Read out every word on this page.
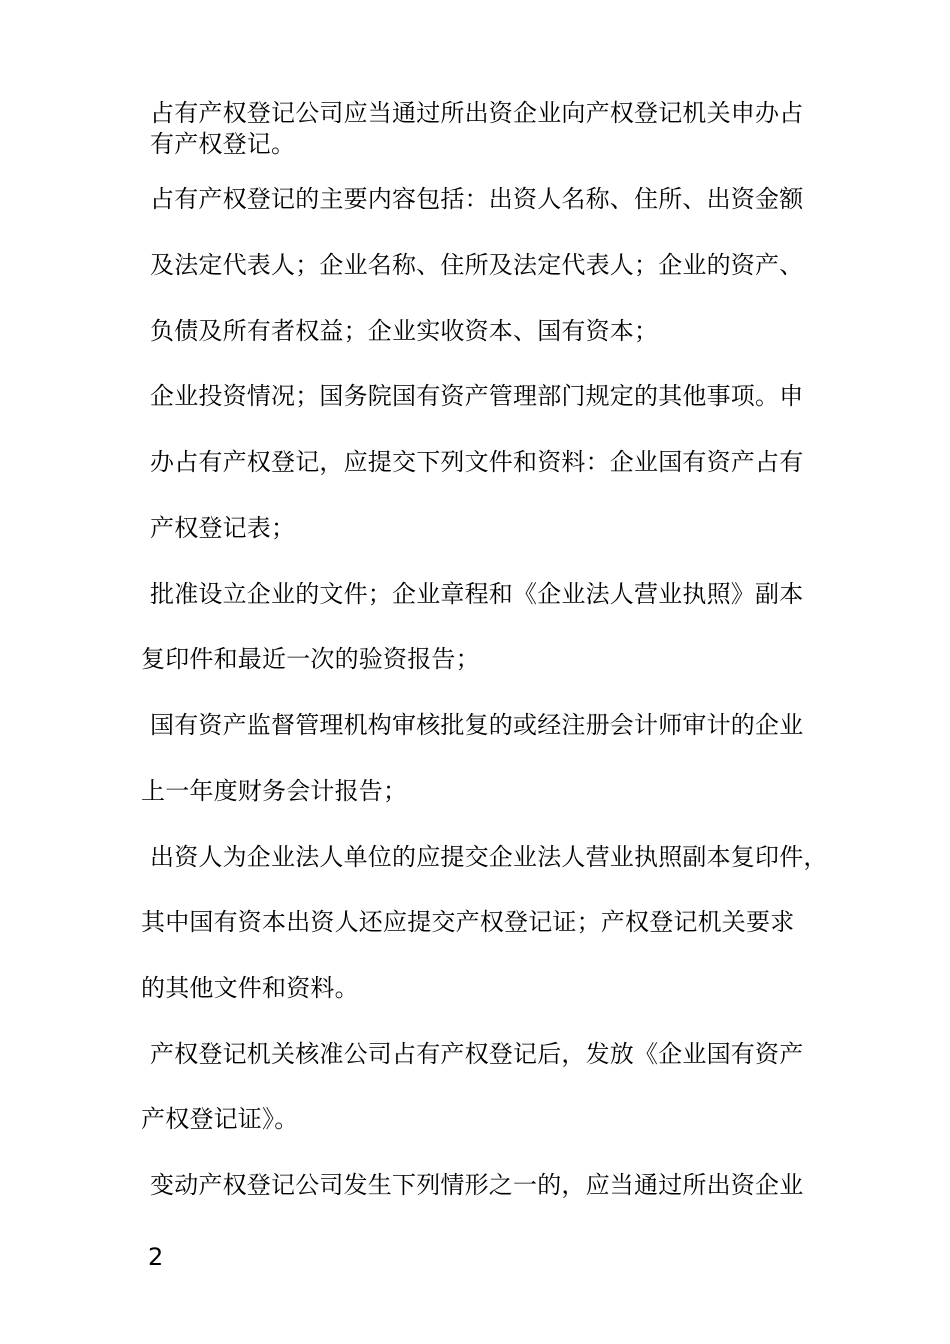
占有产权登记公司应当通过所出资企业向产权登记机关申办占
有产权登记。
占有产权登记的主要内容包括：出资人名称、住所、出资金额
及法定代表人；企业名称、住所及法定代表人；企业的资产、
负债及所有者权益；企业实收资本、国有资本；
企业投资情况；国务院国有资产管理部门规定的其他事项。申
办占有产权登记，应提交下列文件和资料：企业国有资产占有
产权登记表；
批准设立企业的文件；企业章程和《企业法人营业执照》副本
复印件和最近一次的验资报告；
国有资产监督管理机构审核批复的或经注册会计师审计的企业
上一年度财务会计报告；
出资人为企业法人单位的应提交企业法人营业执照副本复印件，
其中国有资本出资人还应提交产权登记证；产权登记机关要求
的其他文件和资料。
产权登记机关核准公司占有产权登记后，发放《企业国有资产
产权登记证》。
变动产权登记公司发生下列情形之一的，应当通过所出资企业
2
